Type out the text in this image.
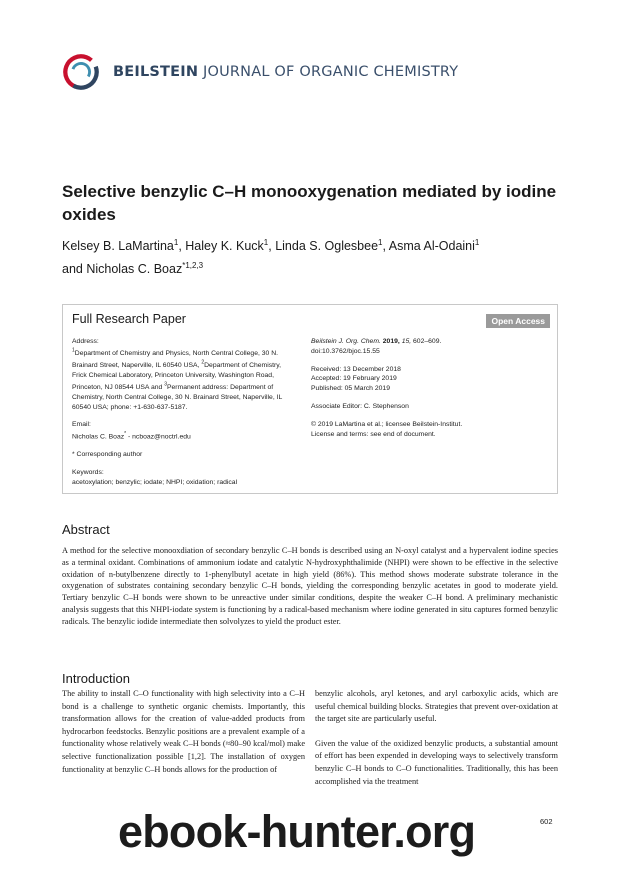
BEILSTEIN JOURNAL OF ORGANIC CHEMISTRY
Selective benzylic C–H monooxygenation mediated by iodine oxides
Kelsey B. LaMartina$^1$, Haley K. Kuck$^1$, Linda S. Oglesbee$^1$, Asma Al-Odaini$^1$
and Nicholas C. Boaz$^{*1,2,3}$
Full Research Paper	Open Access

Address:
$^1$Department of Chemistry and Physics, North Central College, 30 N. Brainard Street, Naperville, IL 60540 USA, $^2$Department of Chemistry, Frick Chemical Laboratory, Princeton University, Washington Road, Princeton, NJ 08544 USA and $^3$Permanent address: Department of Chemistry, North Central College, 30 N. Brainard Street, Naperville, IL 60540 USA; phone: +1-630-637-5187.

Email:
Nicholas C. Boaz* - ncboaz@noctrl.edu

* Corresponding author

Keywords:
acetoxylation; benzylic; iodate; NHPI; oxidation; radical

Beilstein J. Org. Chem. 2019, 15, 602–609.
doi:10.3762/bjoc.15.55

Received: 13 December 2018
Accepted: 19 February 2019
Published: 05 March 2019

Associate Editor: C. Stephenson

© 2019 LaMartina et al.; licensee Beilstein-Institut.
License and terms: see end of document.

Abstract
A method for the selective monooxdiation of secondary benzylic C–H bonds is described using an N-oxyl catalyst and a hypervalent iodine species as a terminal oxidant. Combinations of ammonium iodate and catalytic N-hydroxyphthalimide (NHPI) were shown to be effective in the selective oxidation of n-butylbenzene directly to 1-phenylbutyl acetate in high yield (86%). This method shows moderate substrate tolerance in the oxygenation of substrates containing secondary benzylic C–H bonds, yielding the corresponding benzylic acetates in good to moderate yield. Tertiary benzylic C–H bonds were shown to be unreactive under similar conditions, despite the weaker C–H bond. A preliminary mechanistic analysis suggests that this NHPI-iodate system is functioning by a radical-based mechanism where iodine generated in situ captures formed benzylic radicals. The benzylic iodide intermediate then solvolyzes to yield the product ester.
Introduction

The ability to install C–O functionality with high selectivity into a C–H bond is a challenge to synthetic organic chemists. Importantly, this transformation allows for the creation of value-added products from hydrocarbon feedstocks. Benzylic positions are a prevalent example of a functionality whose relatively weak C–H bonds (≈80–90 kcal/mol) make selective functionalization possible [1,2]. The installation of oxygen functionality at benzylic C–H bonds allows for the production of

benzylic alcohols, aryl ketones, and aryl carboxylic acids, which are useful chemical building blocks. Strategies that prevent over-oxidation at the target site are particularly useful.

Given the value of the oxidized benzylic products, a substantial amount of effort has been expended in developing ways to selectively transform benzylic C–H bonds to C–O functionalities. Traditionally, this has been accomplished via the treatment

602
ebook-hunter.org
